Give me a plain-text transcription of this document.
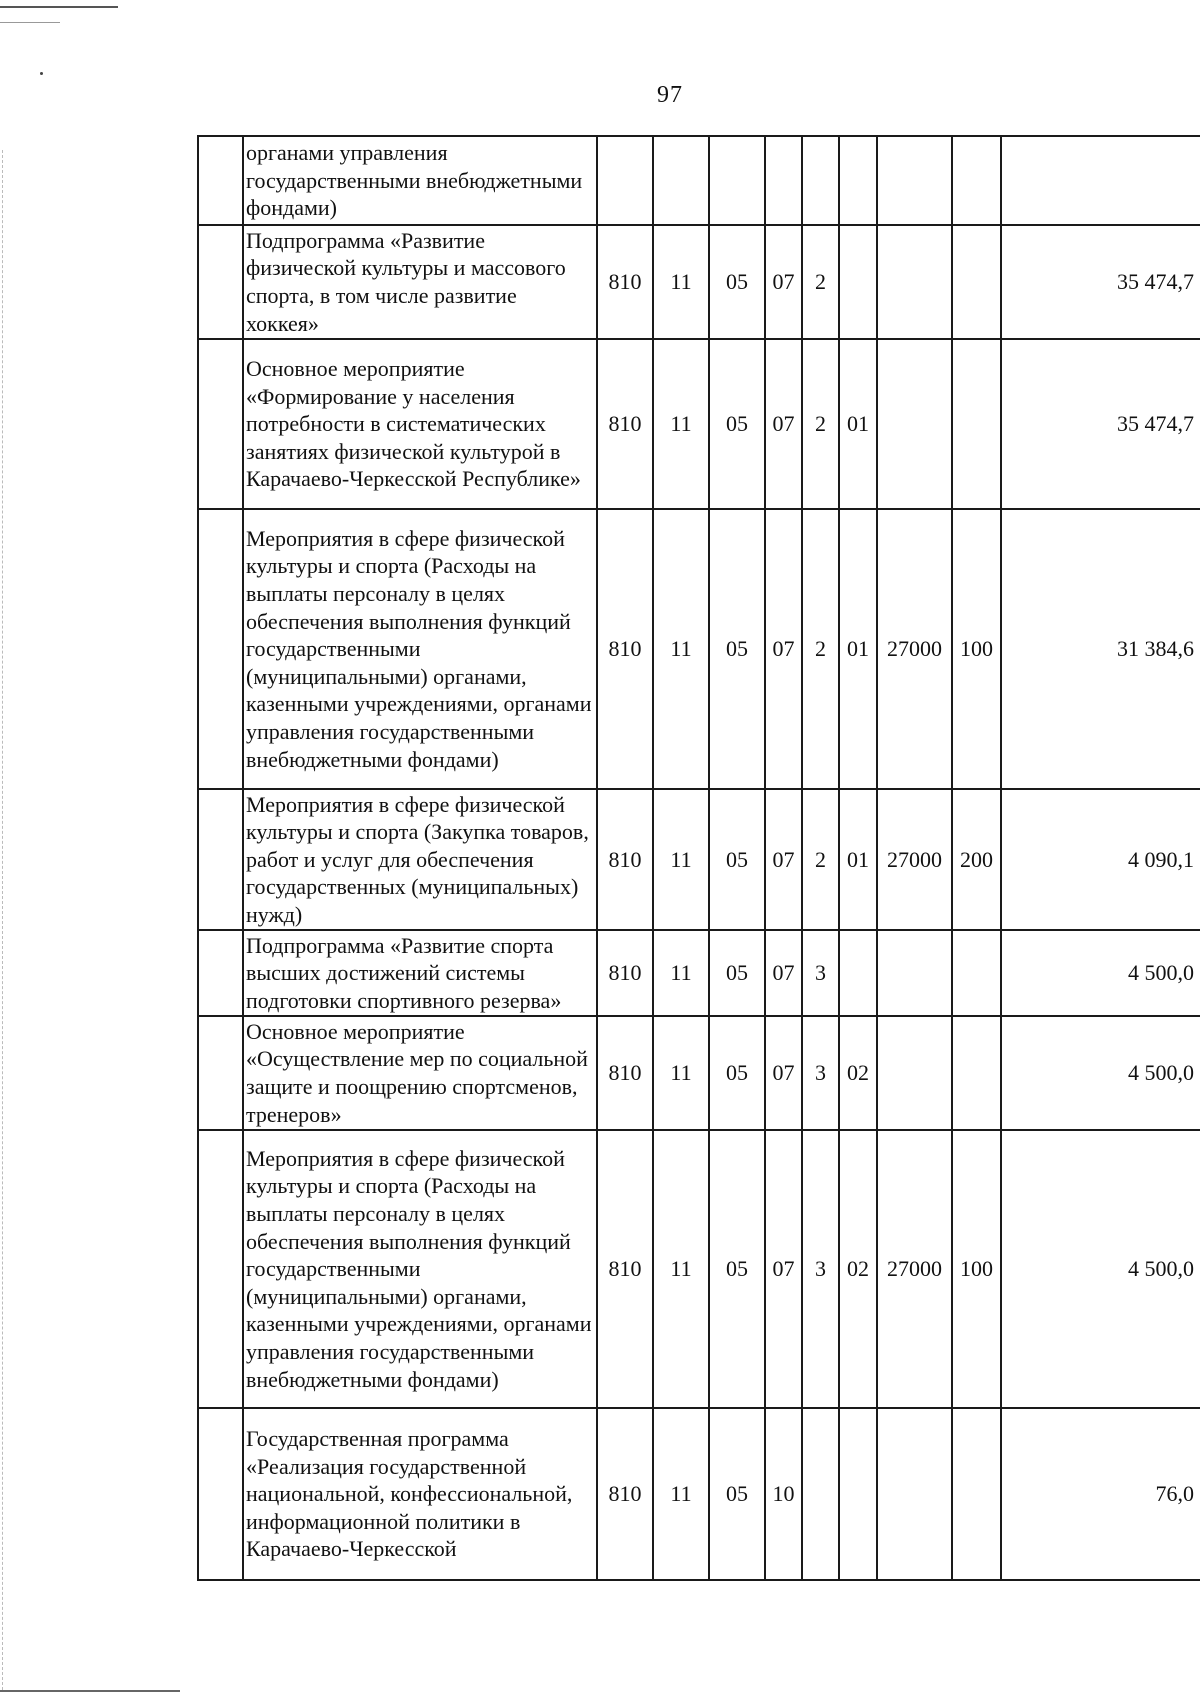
97
	органами управления государственными внебюджетными фондами)									
	Подпрограмма «Развитие физической культуры и массового спорта, в том числе развитие хоккея»	810	11	05	07	2				35 474,7
	Основное мероприятие «Формирование у населения потребности в систематических занятиях физической культурой в Карачаево-Черкесской Республике»	810	11	05	07	2	01			35 474,7
	Мероприятия в сфере физической культуры и спорта (Расходы на выплаты персоналу в целях обеспечения выполнения функций государственными (муниципальными) органами, казенными учреждениями, органами управления государственными внебюджетными фондами)	810	11	05	07	2	01	27000	100	31 384,6
	Мероприятия в сфере физической культуры и спорта (Закупка товаров, работ и услуг для обеспечения государственных (муниципальных) нужд)	810	11	05	07	2	01	27000	200	4 090,1
	Подпрограмма «Развитие спорта высших достижений системы подготовки спортивного резерва»	810	11	05	07	3				4 500,0
	Основное мероприятие «Осуществление мер по социальной защите и поощрению спортсменов, тренеров»	810	11	05	07	3	02			4 500,0
	Мероприятия в сфере физической культуры и спорта (Расходы на выплаты персоналу в целях обеспечения выполнения функций государственными (муниципальными) органами, казенными учреждениями, органами управления государственными внебюджетными фондами)	810	11	05	07	3	02	27000	100	4 500,0
	Государственная программа «Реализация государственной национальной, конфессиональной, информационной политики в Карачаево-Черкесской	810	11	05	10					76,0
